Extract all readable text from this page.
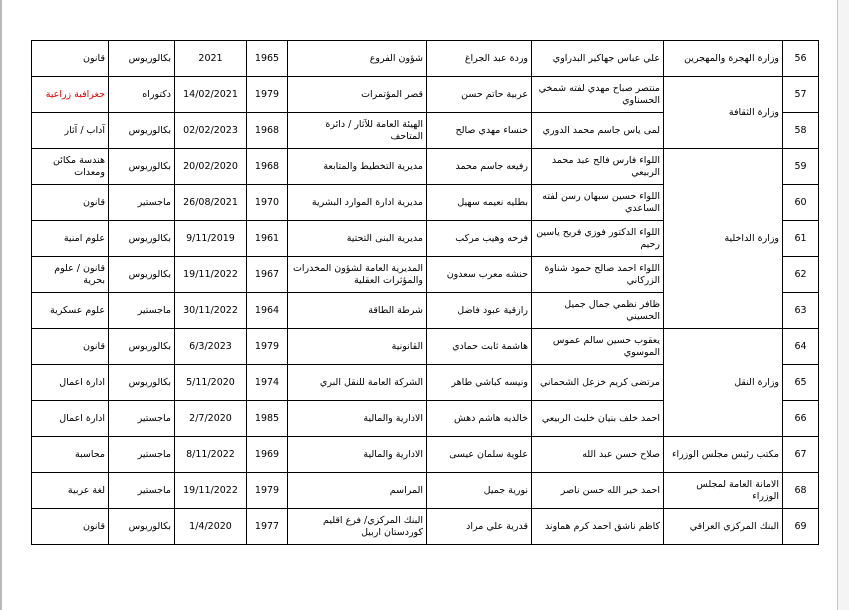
56	وزارة الهجرة والمهجرين	علي عباس جهاكير البدراوي	وردة عبد الجراغ	شؤون الفروع	1965	2021	بكالوريوس	قانون
57	وزارة الثقافة	منتصر صباح مهدي لفته شمخي الحسناوي	عربية حاتم حسن	قصر المؤتمرات	1979	14/02/2021	دكتوراه	جغرافية زراعية
58		لمى ياس جاسم محمد الدوري	خنساء مهدي صالح	الهيئة العامة للآثار / دائرة المتاحف	1968	02/02/2023	بكالوريوس	آداب / آثار
59	وزارة الداخلية	اللواء فارس فالح عبد محمد الربيعي	رفيعه جاسم محمد	مديرية التخطيط والمتابعة	1968	20/02/2020	بكالوريوس	هندسة مكائن ومعدات
60		اللواء حسين سبهان رسن لفته الساعدي	بطليه نعيمه سهيل	مديرية ادارة الموارد البشرية	1970	26/08/2021	ماجستير	قانون
61		اللواء الدكتور فوزي فريح ياسين رحيم	فرحه وهيب مركب	مديرية البنى التحتية	1961	9/11/2019	بكالوريوس	علوم امنية
62		اللواء احمد صالح حمود شناوة الزركاني	حنشه معرب سعدون	المديرية العامة لشؤون المخدرات والمؤثرات العقلية	1967	19/11/2022	بكالوريوس	قانون / علوم بحرية
63		ظافر نظمي جمال جميل الحسيني	رازقية عبود فاضل	شرطة الطاقة	1964	30/11/2022	ماجستير	علوم عسكرية
64	وزارة النقل	يعقوب حسين سالم عموس الموسوي	هاشمة ثابت حمادي	القانونية	1979	6/3/2023	بكالوريوس	قانون
65		مرتضى كريم خزعل الشحماني	ونيسه كباشي طاهر	الشركة العامة للنقل البري	1974	5/11/2020	بكالوريوس	ادارة اعمال
66		احمد خلف بنيان خليث الربيعي	خالديه هاشم دهش	الادارية والمالية	1985	2/7/2020	ماجستير	ادارة اعمال
67	مكتب رئيس مجلس الوزراء	صلاح حسن عبد الله	علوية سلمان عيسى	الادارية والمالية	1969	8/11/2022	ماجستير	محاسبة
68	الامانة العامة لمجلس الوزراء	احمد خير الله حسن ناصر	نورية جميل	المراسم	1979	19/11/2022	ماجستير	لغة عربية
69	البنك المركزي العراقي	كاظم ناشق احمد كرم هماوند	قدرية علي مراد	البنك المركزي/ فرع اقليم كوردستان اربيل	1977	1/4/2020	بكالوريوس	قانون
